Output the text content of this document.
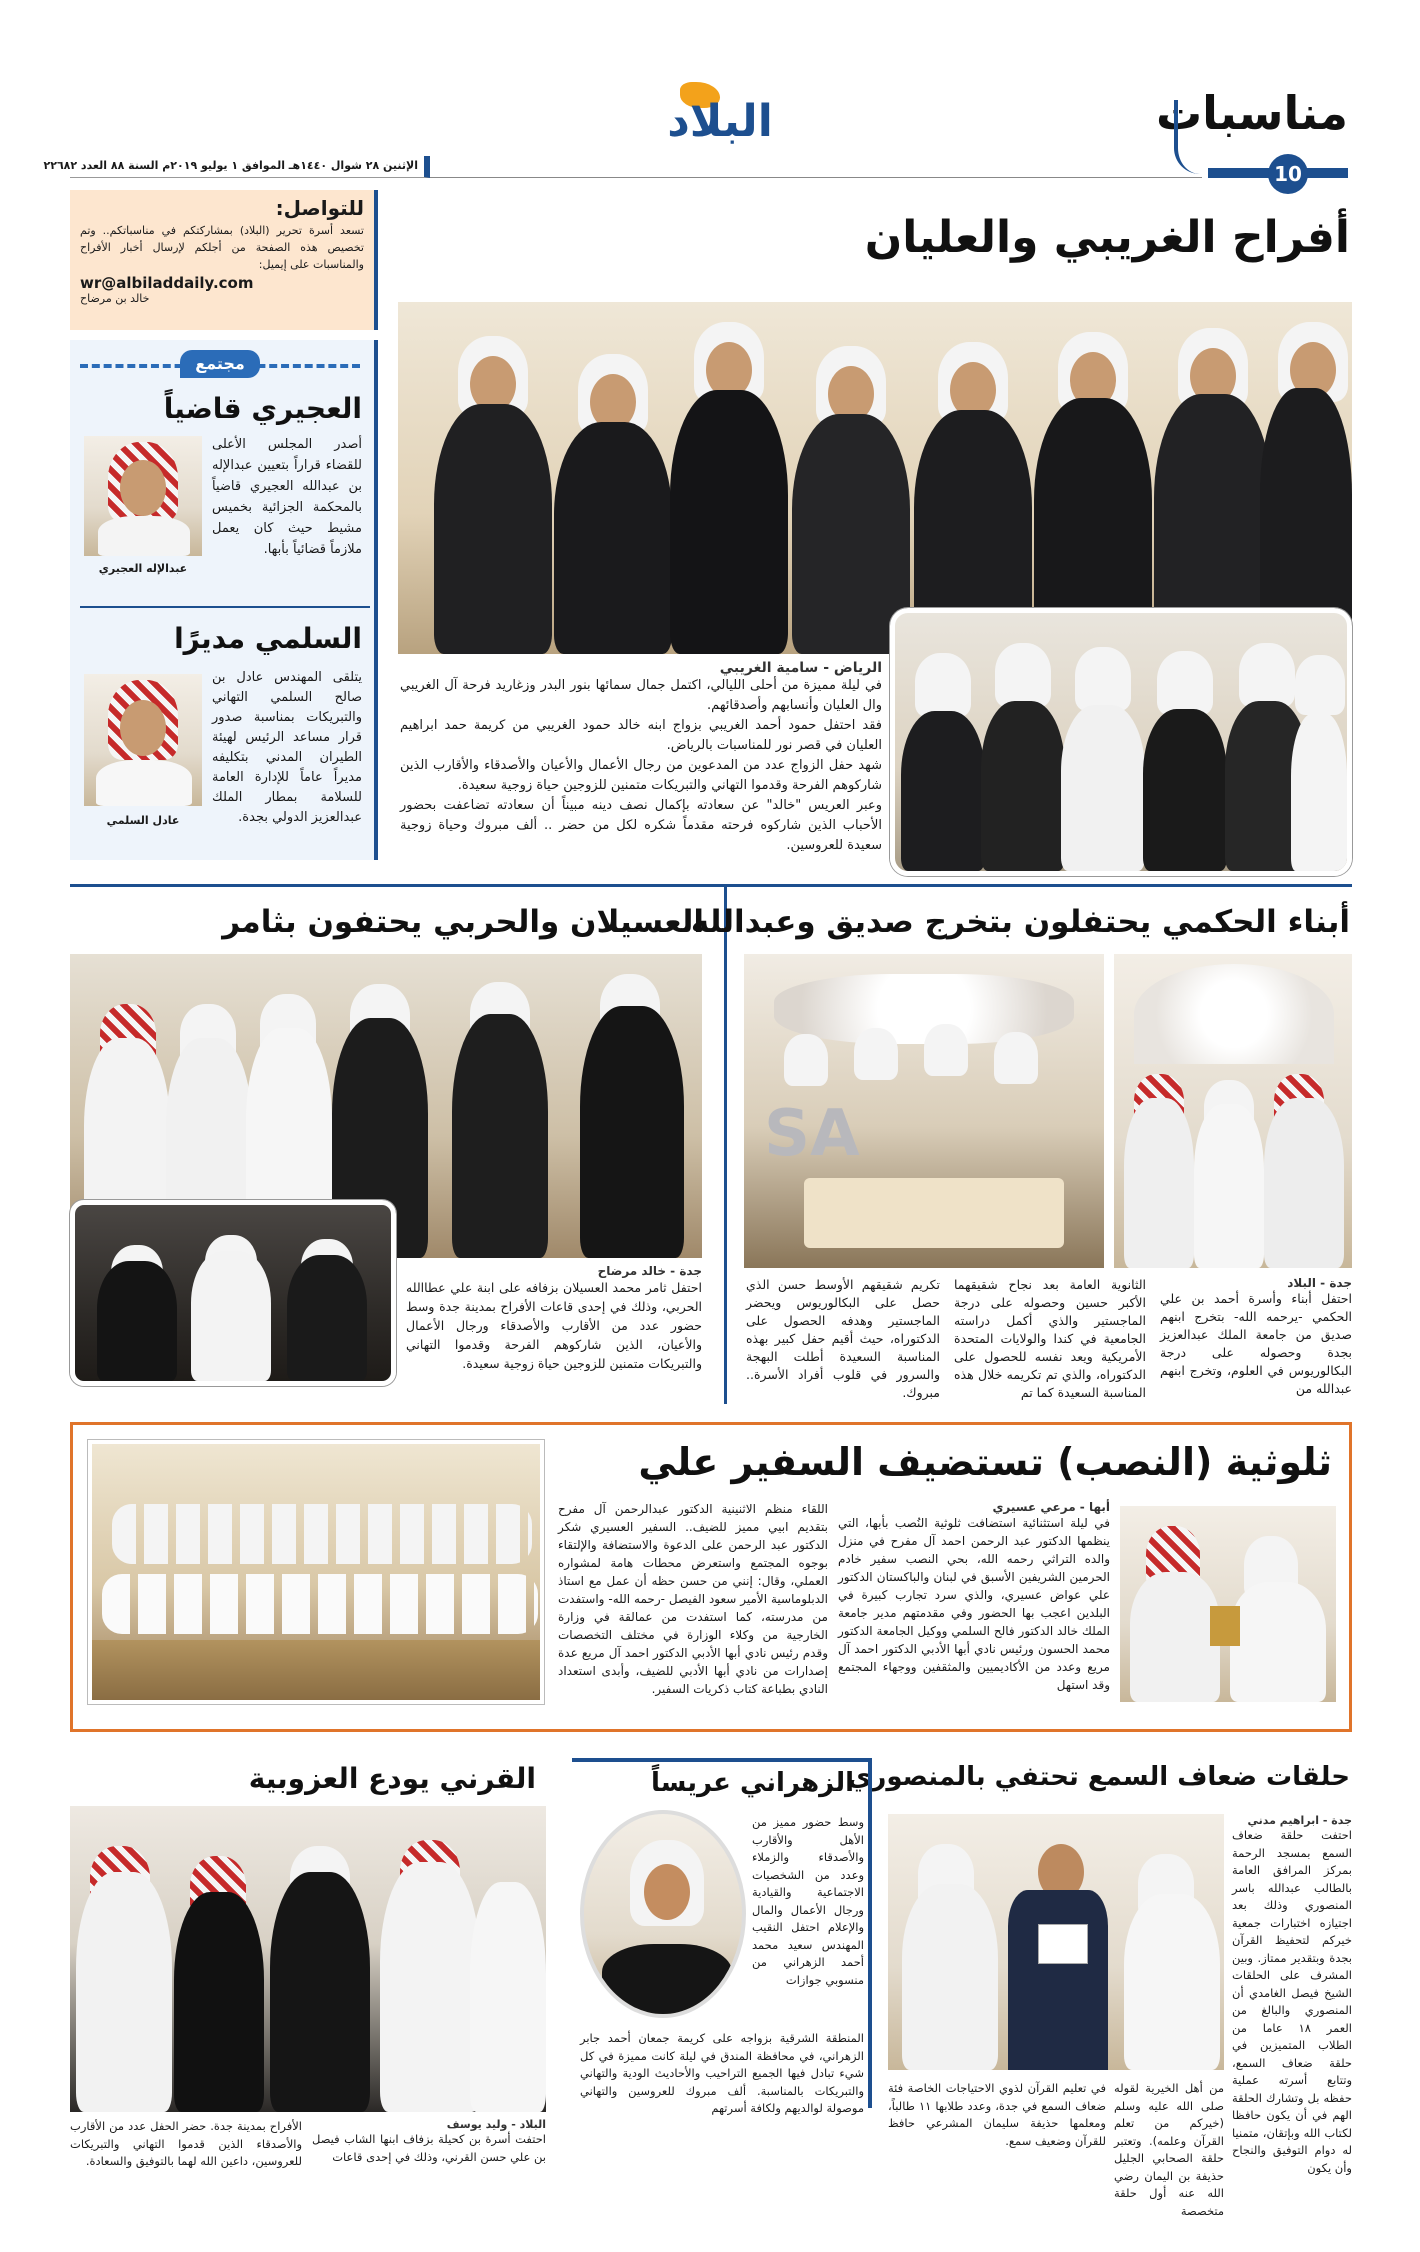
مناسبات
10
البلاد
الإثنين ٢٨ شوال ١٤٤٠هـ الموافق ١ يوليو ٢٠١٩م السنة ٨٨ العدد ٢٢٦٨٢
للتواصل:
تسعد أسرة تحرير (البلاد) بمشاركتكم في مناسباتكم.. وتم تخصيص هذه الصفحة من أجلكم لإرسال أخبار الأفراح والمناسبات على إيميل:
wr@albiladdaily.com
خالد بن مرضاح
مجتمع
العجيري قاضياً
عبدالإله العجيري
أصدر المجلس الأعلى للقضاء قراراً بتعيين عبدالإله بن عبدالله العجيري قاضياً بالمحكمة الجزائية بخميس مشيط حيث كان يعمل ملازماً قضائياً بأبها.
السلمي مديرًا
عادل السلمي
يتلقى المهندس عادل بن صالح السلمي التهاني والتبريكات بمناسبة صدور قرار مساعد الرئيس لهيئة الطيران المدني بتكليفه مديراً عاماً للإدارة العامة للسلامة بمطار الملك عبدالعزيز الدولي بجدة.
أفراح الغريبي والعليان
الرياض - سامية الغريبي

في ليلة مميزة من أحلى الليالي، اكتمل جمال سمائها بنور البدر وزغاريد فرحة آل الغريبي وال العليان وأنسابهم وأصدقائهم.

فقد احتفل حمود أحمد الغريبي بزواج ابنه خالد حمود الغريبي من كريمة حمد ابراهيم العليان في قصر نور للمناسبات بالرياض.

شهد حفل الزواج عدد من المدعوين من رجال الأعمال والأعيان والأصدقاء والأقارب الذين شاركوهم الفرحة وقدموا التهاني والتبريكات متمنين للزوجين حياة زوجية سعيدة.

وعبر العريس "خالد" عن سعادته بإكمال نصف دينه مبيناً أن سعادته تضاعفت بحضور الأحباب الذين شاركوه فرحته مقدماً شكره لكل من حضر .. ألف مبروك وحياة زوجية سعيدة للعروسين.

أبناء الحكمي يحتفلون بتخرج صديق وعبدالله
SA
جدة - البلاد

احتفل أبناء وأسرة أحمد بن علي الحكمي -يرحمه الله- بتخرج ابنهم صديق من جامعة الملك عبدالعزيز بجدة وحصوله على درجة البكالوريوس في العلوم، وتخرج ابنهم عبدالله من

الثانوية العامة بعد نجاح شقيقهما الأكبر حسين وحصوله على درجة الماجستير والذي أكمل دراسته الجامعية في كندا والولايات المتحدة الأمريكية ويعد نفسه للحصول على الدكتوراه، والذي تم تكريمه خلال هذه المناسبة السعيدة كما تم

تكريم شقيقهم الأوسط حسن الذي حصل على البكالوريوس ويحضر الماجستير وهدفه الحصول على الدكتوراه، حيث أقيم حفل كبير بهذه المناسبة السعيدة أطلت البهجة والسرور في قلوب أفراد الأسرة.. مبروك.

العسيلان والحربي يحتفون بثامر
جدة - خالد مرضاح

احتفل ثامر محمد العسيلان بزفافه على ابنة علي عطاالله الحربي، وذلك في إحدى قاعات الأفراح بمدينة جدة وسط حضور عدد من الأقارب والأصدقاء ورجال الأعمال والأعيان، الذين شاركوهم الفرحة وقدموا التهاني والتبريكات متمنين للزوجين حياة زوجية سعيدة.

ثلوثية (النصب) تستضيف السفير علي
أبها - مرعي عسيري

في ليلة استثنائية استضافت ثلوثية النُصب بأبها، التي ينظمها الدكتور عبد الرحمن احمد آل مفرح في منزل والده التراثي رحمه الله، بحي النصب سفير خادم الحرمين الشريفين الأسبق في لبنان والباكستان الدكتور علي عواض عسيري، والذي سرد تجارب كبيرة في البلدين اعجب بها الحضور وفي مقدمتهم مدير جامعة الملك خالد الدكتور فالح السلمي ووكيل الجامعة الدكتور محمد الحسون ورئيس نادي أبها الأدبي الدكتور احمد آل مريع وعدد من الأكاديميين والمثقفين ووجهاء المجتمع وقد استهل

اللقاء منظم الاثنينية الدكتور عبدالرحمن آل مفرح بتقديم ابيي مميز للضيف.. السفير العسيري شكر الدكتور عبد الرحمن على الدعوة والاستضافة والإلتقاء بوجوه المجتمع واستعرض محطات هامة لمشواره العملي، وقال: إنني من حسن حظه أن عمل مع استاذ الدبلوماسية الأمير سعود الفيصل -رحمه الله- واستفدت من مدرسته، كما استفدت من عمالقة في وزارة الخارجية من وكلاء الوزارة في مختلف التخصصات وقدم رئيس نادي أبها الأدبي الدكتور احمد آل مريع عدة إصدارات من نادي أبها الأدبي للضيف، وأبدى استعداد النادي بطباعة كتاب ذكريات السفير.

حلقات ضعاف السمع تحتفي بالمنصوري
جدة - ابراهيم مدني

احتفت حلقة ضعاف السمع بمسجد الرحمة بمركز المرافق العامة بالطالب عبدالله باسر المنصوري وذلك بعد اجتيازه اختبارات جمعية خيركم لتحفيظ القرآن بجدة وبتقدير ممتاز. وبين المشرف على الحلقات الشيخ فيصل الغامدي أن المنصوري والبالغ من العمر ١٨ عاما من الطلاب المتميزين في حلقة ضعاف السمع، وتتابع أسرته عملية حفظه بل وتشارك الحلقة الهم في أن يكون حافظا لكتاب الله وبإتقان، متمنيا له دوام التوفيق والنجاح وأن يكون

من أهل الخيرية لقوله صلى الله عليه وسلم (خيركم من تعلم القرآن وعلمه). وتعتبر حلقة الصحابي الجليل حذيفة بن اليمان رضي الله عنه أول حلقة متخصصة

في تعليم القرآن لذوي الاحتياجات الخاصة فئة ضعاف السمع في جدة، وعدد طلابها ١١ طالباً، ومعلمها حذيفة سليمان المشرعي حافظ للقرآن وضعيف سمع.

الزهراني عريساً

وسط حضور مميز من الأهل والأقارب والأصدقاء والزملاء وعدد من الشخصيات الاجتماعية والقيادية ورجال الأعمال والمال والإعلام احتفل النقيب المهندس سعيد محمد أحمد الزهراني من منسوبي جوازات

المنطقة الشرقية بزواجه على كريمة جمعان أحمد جابر الزهراني، في محافظة المندق في ليلة كانت مميزة في كل شيء تبادل فيها الجميع التراحيب والأحاديث الودية والتهاني والتبريكات بالمناسبة. ألف مبروك للعروسين والتهاني موصولة لوالديهم ولكافة أسرتهم

القرني يودع العزوبية
البلاد - وليد يوسف

احتفت أسرة بن كحيلة بزفاف ابنها الشاب فيصل بن علي حسن القرني، وذلك في إحدى قاعات

الأفراح بمدينة جدة. حضر الحفل عدد من الأقارب والأصدقاء الذين قدموا التهاني والتبريكات للعروسين، داعين الله لهما بالتوفيق والسعادة.
